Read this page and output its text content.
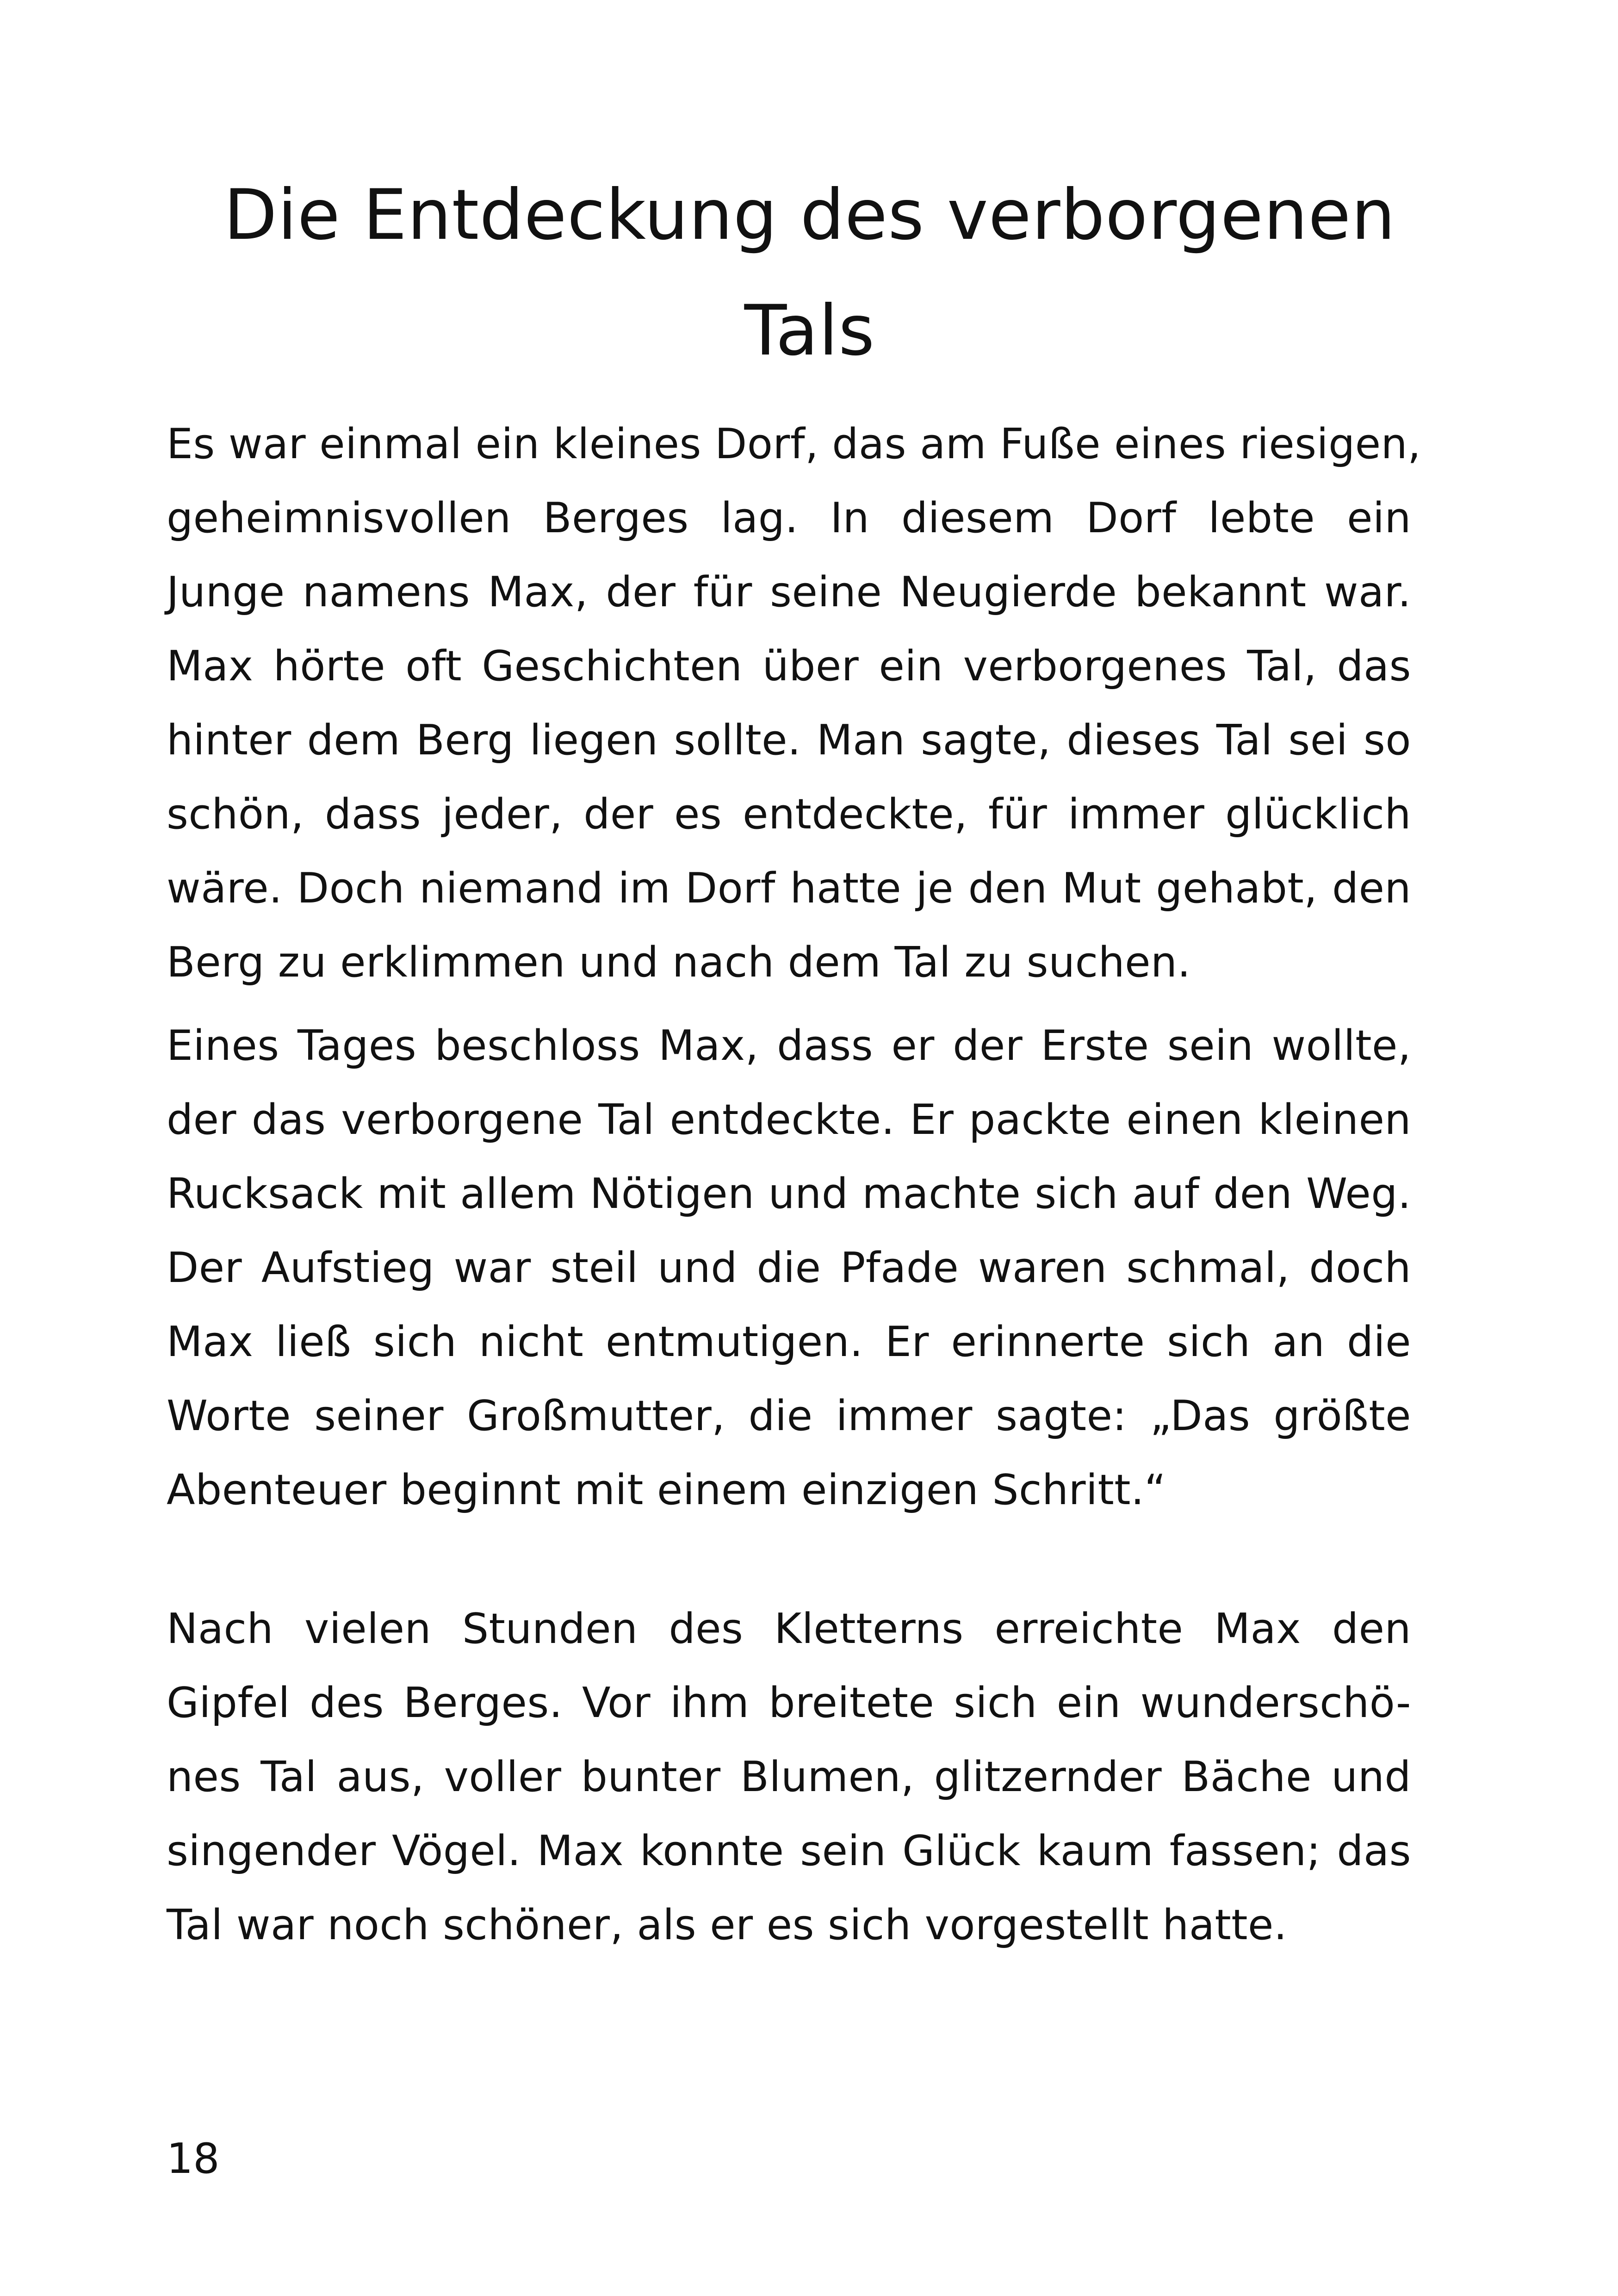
Die Entdeckung des verborgenen
Tals

Es war einmal ein kleines Dorf, das am Fuße eines riesigen,
geheimnisvollen Berges lag. In diesem Dorf lebte ein
Junge namens Max, der für seine Neugierde bekannt war.
Max hörte oft Geschichten über ein verborgenes Tal, das
hinter dem Berg liegen sollte. Man sagte, dieses Tal sei so
schön, dass jeder, der es entdeckte, für immer glücklich
wäre. Doch niemand im Dorf hatte je den Mut gehabt, den
Berg zu erklimmen und nach dem Tal zu suchen.

Eines Tages beschloss Max, dass er der Erste sein wollte,
der das verborgene Tal entdeckte. Er packte einen kleinen
Rucksack mit allem Nötigen und machte sich auf den Weg.
Der Aufstieg war steil und die Pfade waren schmal, doch
Max ließ sich nicht entmutigen. Er erinnerte sich an die
Worte seiner Großmutter, die immer sagte: „Das größte
Abenteuer beginnt mit einem einzigen Schritt.“

Nach vielen Stunden des Kletterns erreichte Max den
Gipfel des Berges. Vor ihm breitete sich ein wunderschö-
nes Tal aus, voller bunter Blumen, glitzernder Bäche und
singender Vögel. Max konnte sein Glück kaum fassen; das
Tal war noch schöner, als er es sich vorgestellt hatte.

18
